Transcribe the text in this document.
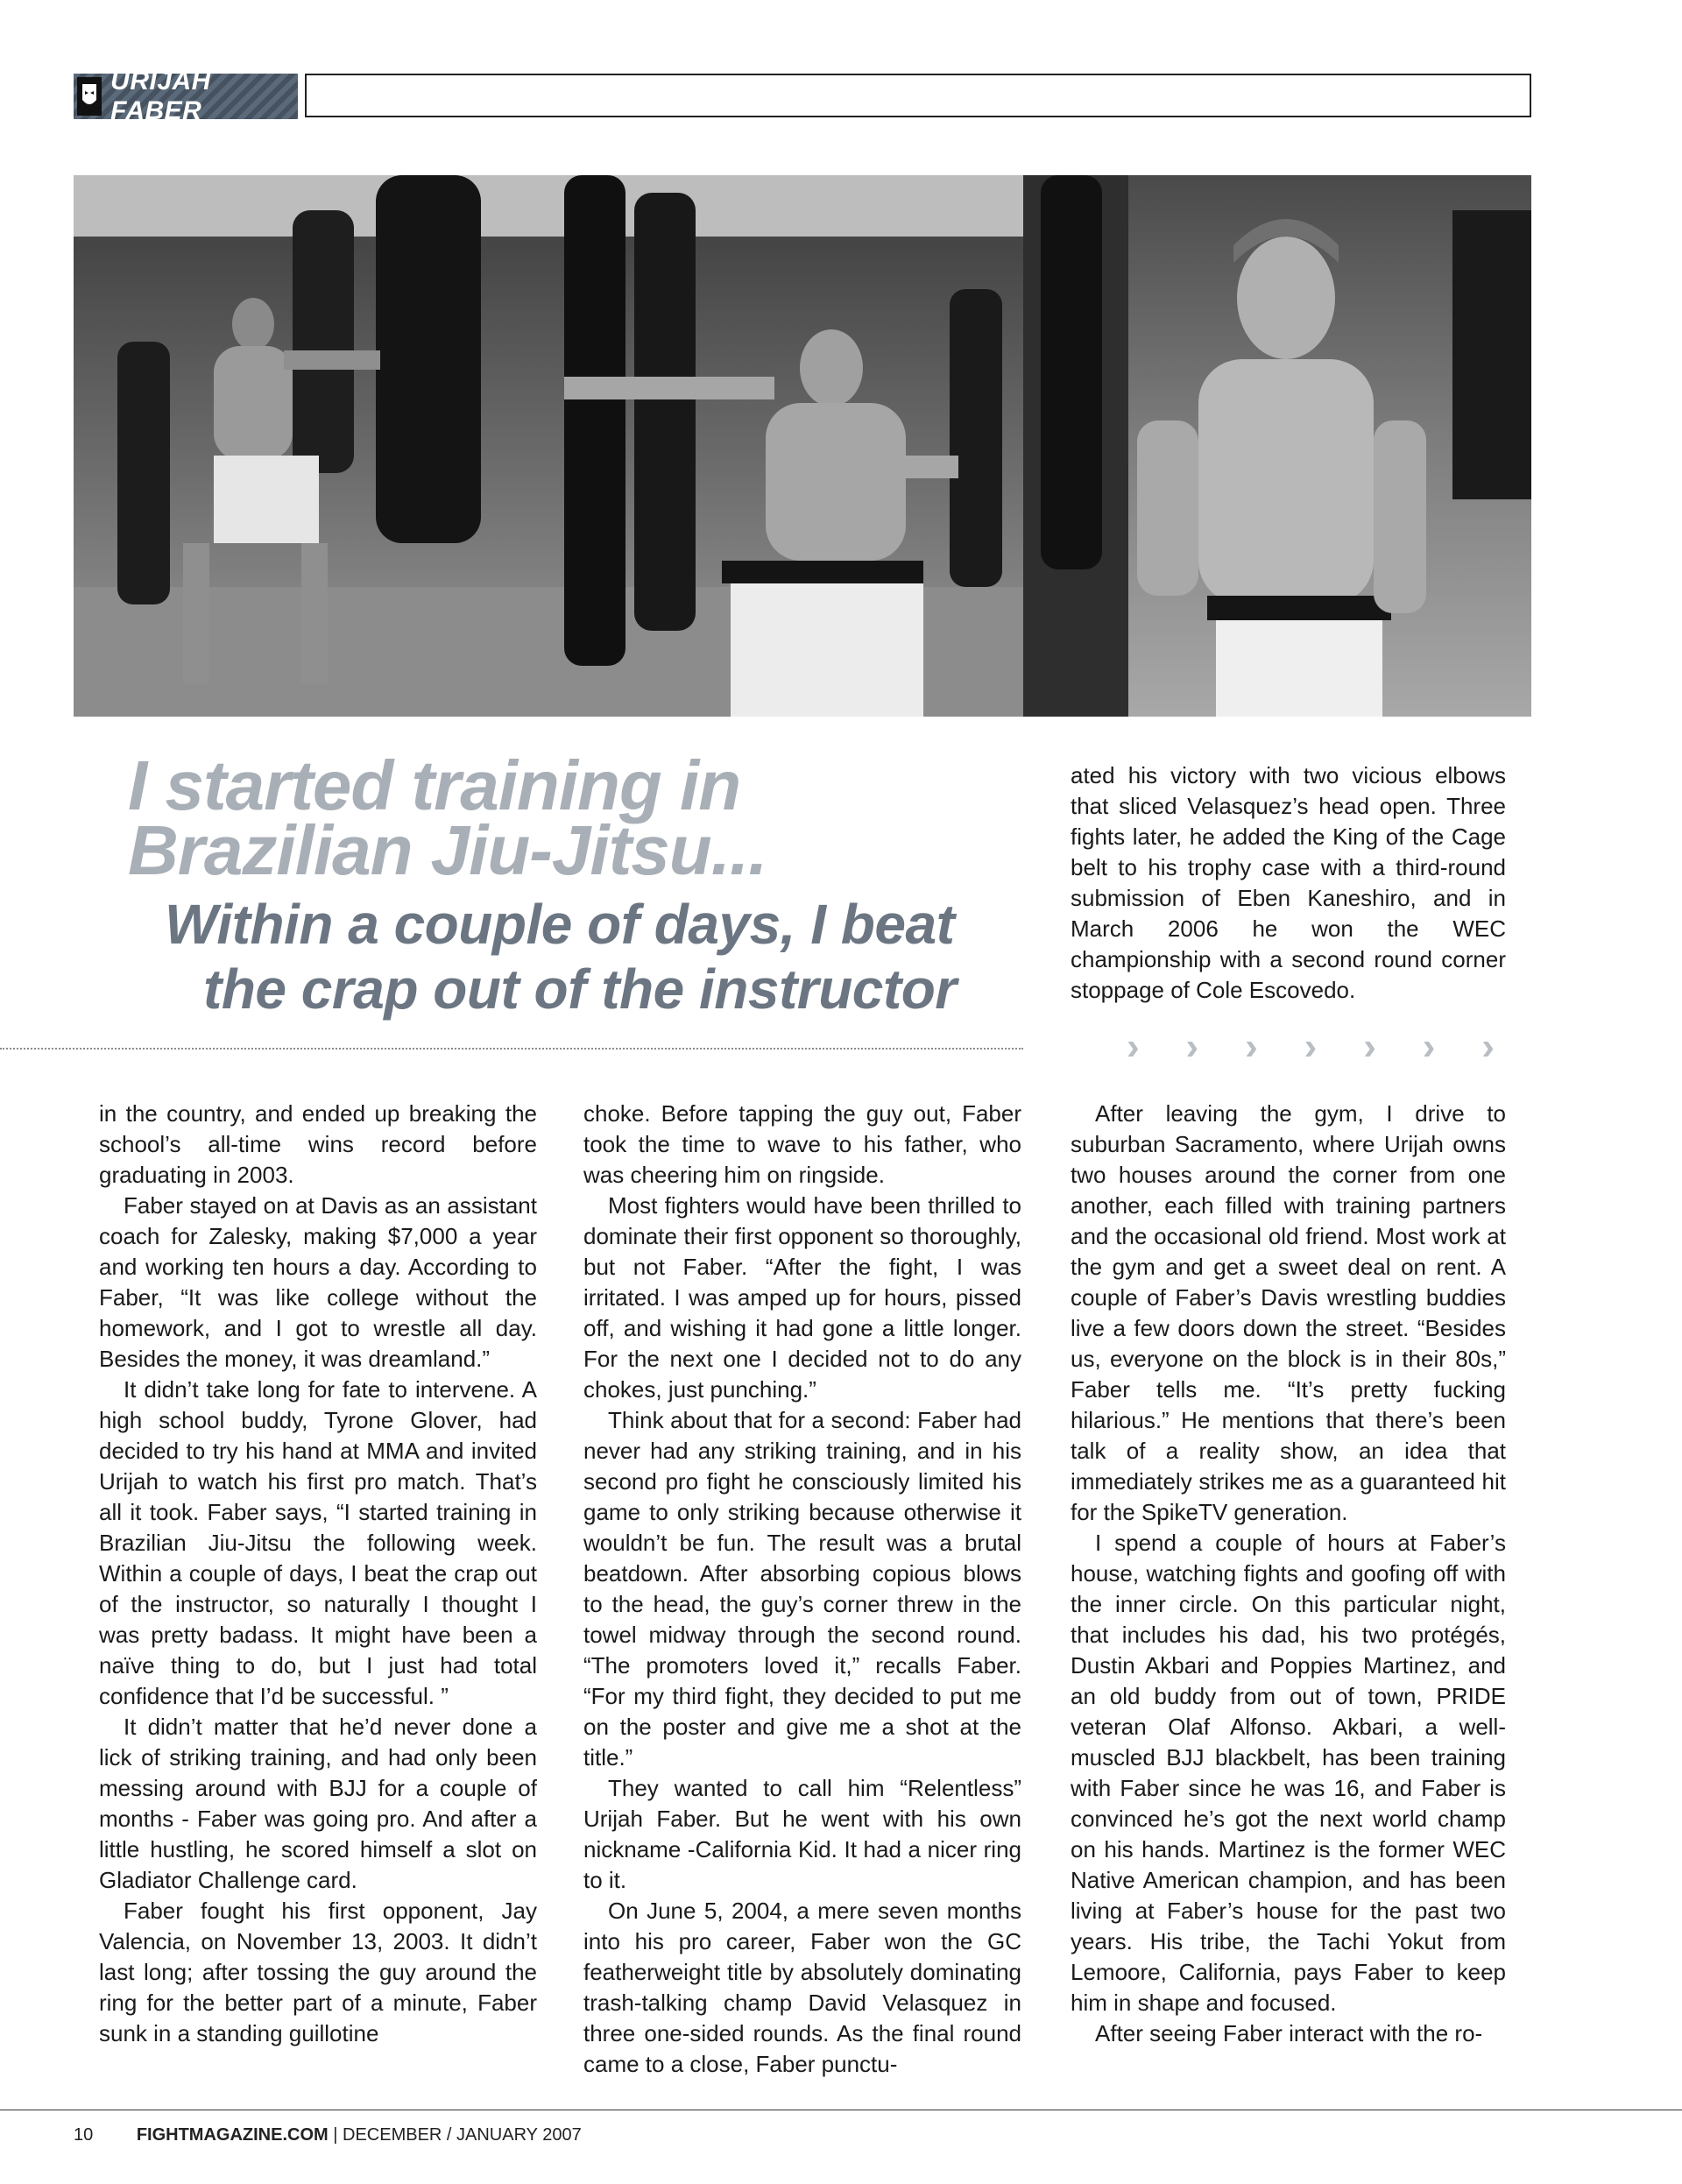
URIJAH FABER
I started training in
Brazilian Jiu-Jitsu...
Within a couple of days, I beat
the crap out of the instructor

ated his victory with two vicious elbows that sliced Velasquez’s head open. Three fights later, he added the King of the Cage belt to his trophy case with a third-round submission of Eben Kaneshiro, and in March 2006 he won the WEC championship with a second round corner stoppage of Cole Escovedo.

› › › › › › ›

in the country, and ended up breaking the school’s all-time wins record before graduating in 2003.

Faber stayed on at Davis as an assistant coach for Zalesky, making $7,000 a year and working ten hours a day. According to Faber, “It was like college without the homework, and I got to wrestle all day. Besides the money, it was dreamland.”

It didn’t take long for fate to intervene. A high school buddy, Tyrone Glover, had decided to try his hand at MMA and invited Urijah to watch his first pro match. That’s all it took. Faber says, “I started training in Brazilian Jiu-Jitsu the following week. Within a couple of days, I beat the crap out of the instructor, so naturally I thought I was pretty badass. It might have been a naïve thing to do, but I just had total confidence that I’d be successful. ”

It didn’t matter that he’d never done a lick of striking training, and had only been messing around with BJJ for a couple of months - Faber was going pro. And after a little hustling, he scored himself a slot on Gladiator Challenge card.

Faber fought his first opponent, Jay Valencia, on November 13, 2003. It didn’t last long; after tossing the guy around the ring for the better part of a minute, Faber sunk in a standing guillotine

choke. Before tapping the guy out, Faber took the time to wave to his father, who was cheering him on ringside.

Most fighters would have been thrilled to dominate their first opponent so thoroughly, but not Faber. “After the fight, I was irritated. I was amped up for hours, pissed off, and wishing it had gone a little longer. For the next one I decided not to do any chokes, just punching.”

Think about that for a second: Faber had never had any striking training, and in his second pro fight he consciously limited his game to only striking because otherwise it wouldn’t be fun. The result was a brutal beatdown. After absorbing copious blows to the head, the guy’s corner threw in the towel midway through the second round. “The promoters loved it,” recalls Faber. “For my third fight, they decided to put me on the poster and give me a shot at the title.”

They wanted to call him “Relentless” Urijah Faber. But he went with his own nickname -California Kid. It had a nicer ring to it.

On June 5, 2004, a mere seven months into his pro career, Faber won the GC featherweight title by absolutely dominating trash-talking champ David Velasquez in three one-sided rounds. As the final round came to a close, Faber punctu-

After leaving the gym, I drive to suburban Sacramento, where Urijah owns two houses around the corner from one another, each filled with training partners and the occasional old friend. Most work at the gym and get a sweet deal on rent. A couple of Faber’s Davis wrestling buddies live a few doors down the street. “Besides us, everyone on the block is in their 80s,” Faber tells me. “It’s pretty fucking hilarious.” He mentions that there’s been talk of a reality show, an idea that immediately strikes me as a guaranteed hit for the SpikeTV generation.

I spend a couple of hours at Faber’s house, watching fights and goofing off with the inner circle. On this particular night, that includes his dad, his two protégés, Dustin Akbari and Poppies Martinez, and an old buddy from out of town, PRIDE veteran Olaf Alfonso. Akbari, a well-muscled BJJ blackbelt, has been training with Faber since he was 16, and Faber is convinced he’s got the next world champ on his hands. Martinez is the former WEC Native American champion, and has been living at Faber’s house for the past two years. His tribe, the Tachi Yokut from Lemoore, California, pays Faber to keep him in shape and focused.

After seeing Faber interact with the ro-

10 FIGHTMAGAZINE.COM | DECEMBER / JANUARY 2007
